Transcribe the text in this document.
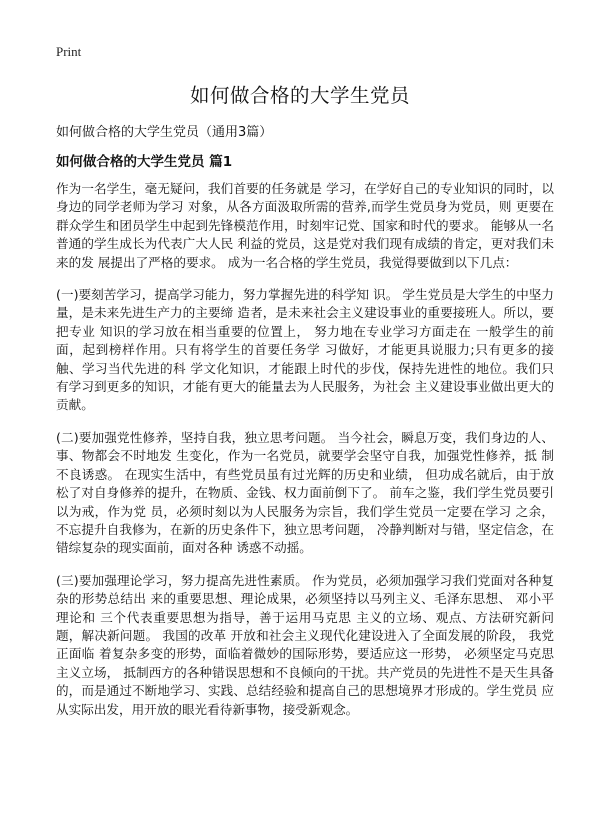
Print
如何做合格的大学生党员
如何做合格的大学生党员（通用3篇）
如何做合格的大学生党员 篇1

作为一名学生，毫无疑问，我们首要的任务就是 学习，在学好自己的专业知识的同时，以身边的同学老师为学习 对象，从各方面汲取所需的营养,而学生党员身为党员，则 更要在群众学生和团员学生中起到先锋模范作用，时刻牢记党、国家和时代的要求。 能够从一名普通的学生成长为代表广大人民 利益的党员，这是党对我们现有成绩的肯定，更对我们未来的发 展提出了严格的要求。 成为一名合格的学生党员，我觉得要做到以下几点：

(一)要刻苦学习，提高学习能力，努力掌握先进的科学知 识。 学生党员是大学生的中坚力量，是未来先进生产力的主要缔 造者，是未来社会主义建设事业的重要接班人。所以，要把专业 知识的学习放在相当重要的位置上， 努力地在专业学习方面走在 一般学生的前面，起到榜样作用。只有将学生的首要任务学 习做好，才能更具说服力;只有更多的接触、学习当代先进的科 学文化知识，才能跟上时代的步伐，保持先进性的地位。我们只 有学习到更多的知识，才能有更大的能量去为人民服务，为社会 主义建设事业做出更大的贡献。

(二)要加强党性修养，坚持自我，独立思考问题。 当今社会，瞬息万变，我们身边的人、事、物都会不时地发 生变化，作为一名党员，就要学会坚守自我，加强党性修养，抵 制不良诱惑。 在现实生活中，有些党员虽有过光辉的历史和业绩， 但功成名就后，由于放松了对自身修养的提升，在物质、金钱、权力面前倒下了。 前车之鉴，我们学生党员要引以为戒，作为党 员，必须时刻以为人民服务为宗旨，我们学生党员一定要在学习 之余，不忘提升自我修为，在新的历史条件下，独立思考问题， 冷静判断对与错，坚定信念，在错综复杂的现实面前，面对各种 诱惑不动摇。

(三)要加强理论学习，努力提高先进性素质。 作为党员，必须加强学习我们党面对各种复杂的形势总结出 来的重要思想、理论成果，必须坚持以马列主义、毛泽东思想、 邓小平理论和 三个代表重要思想为指导，善于运用马克思 主义的立场、观点、方法研究新问题，解决新问题。 我国的改革 开放和社会主义现代化建设进入了全面发展的阶段， 我党正面临 着复杂多变的形势，面临着微妙的国际形势，要适应这一形势， 必须坚定马克思主义立场， 抵制西方的各种错误思想和不良倾向的干扰。共产党员的先进性不是天生具备的，而是通过不断地学习、实践、总结经验和提高自己的思想境界才形成的。学生党员 应从实际出发，用开放的眼光看待新事物，接受新观念。
